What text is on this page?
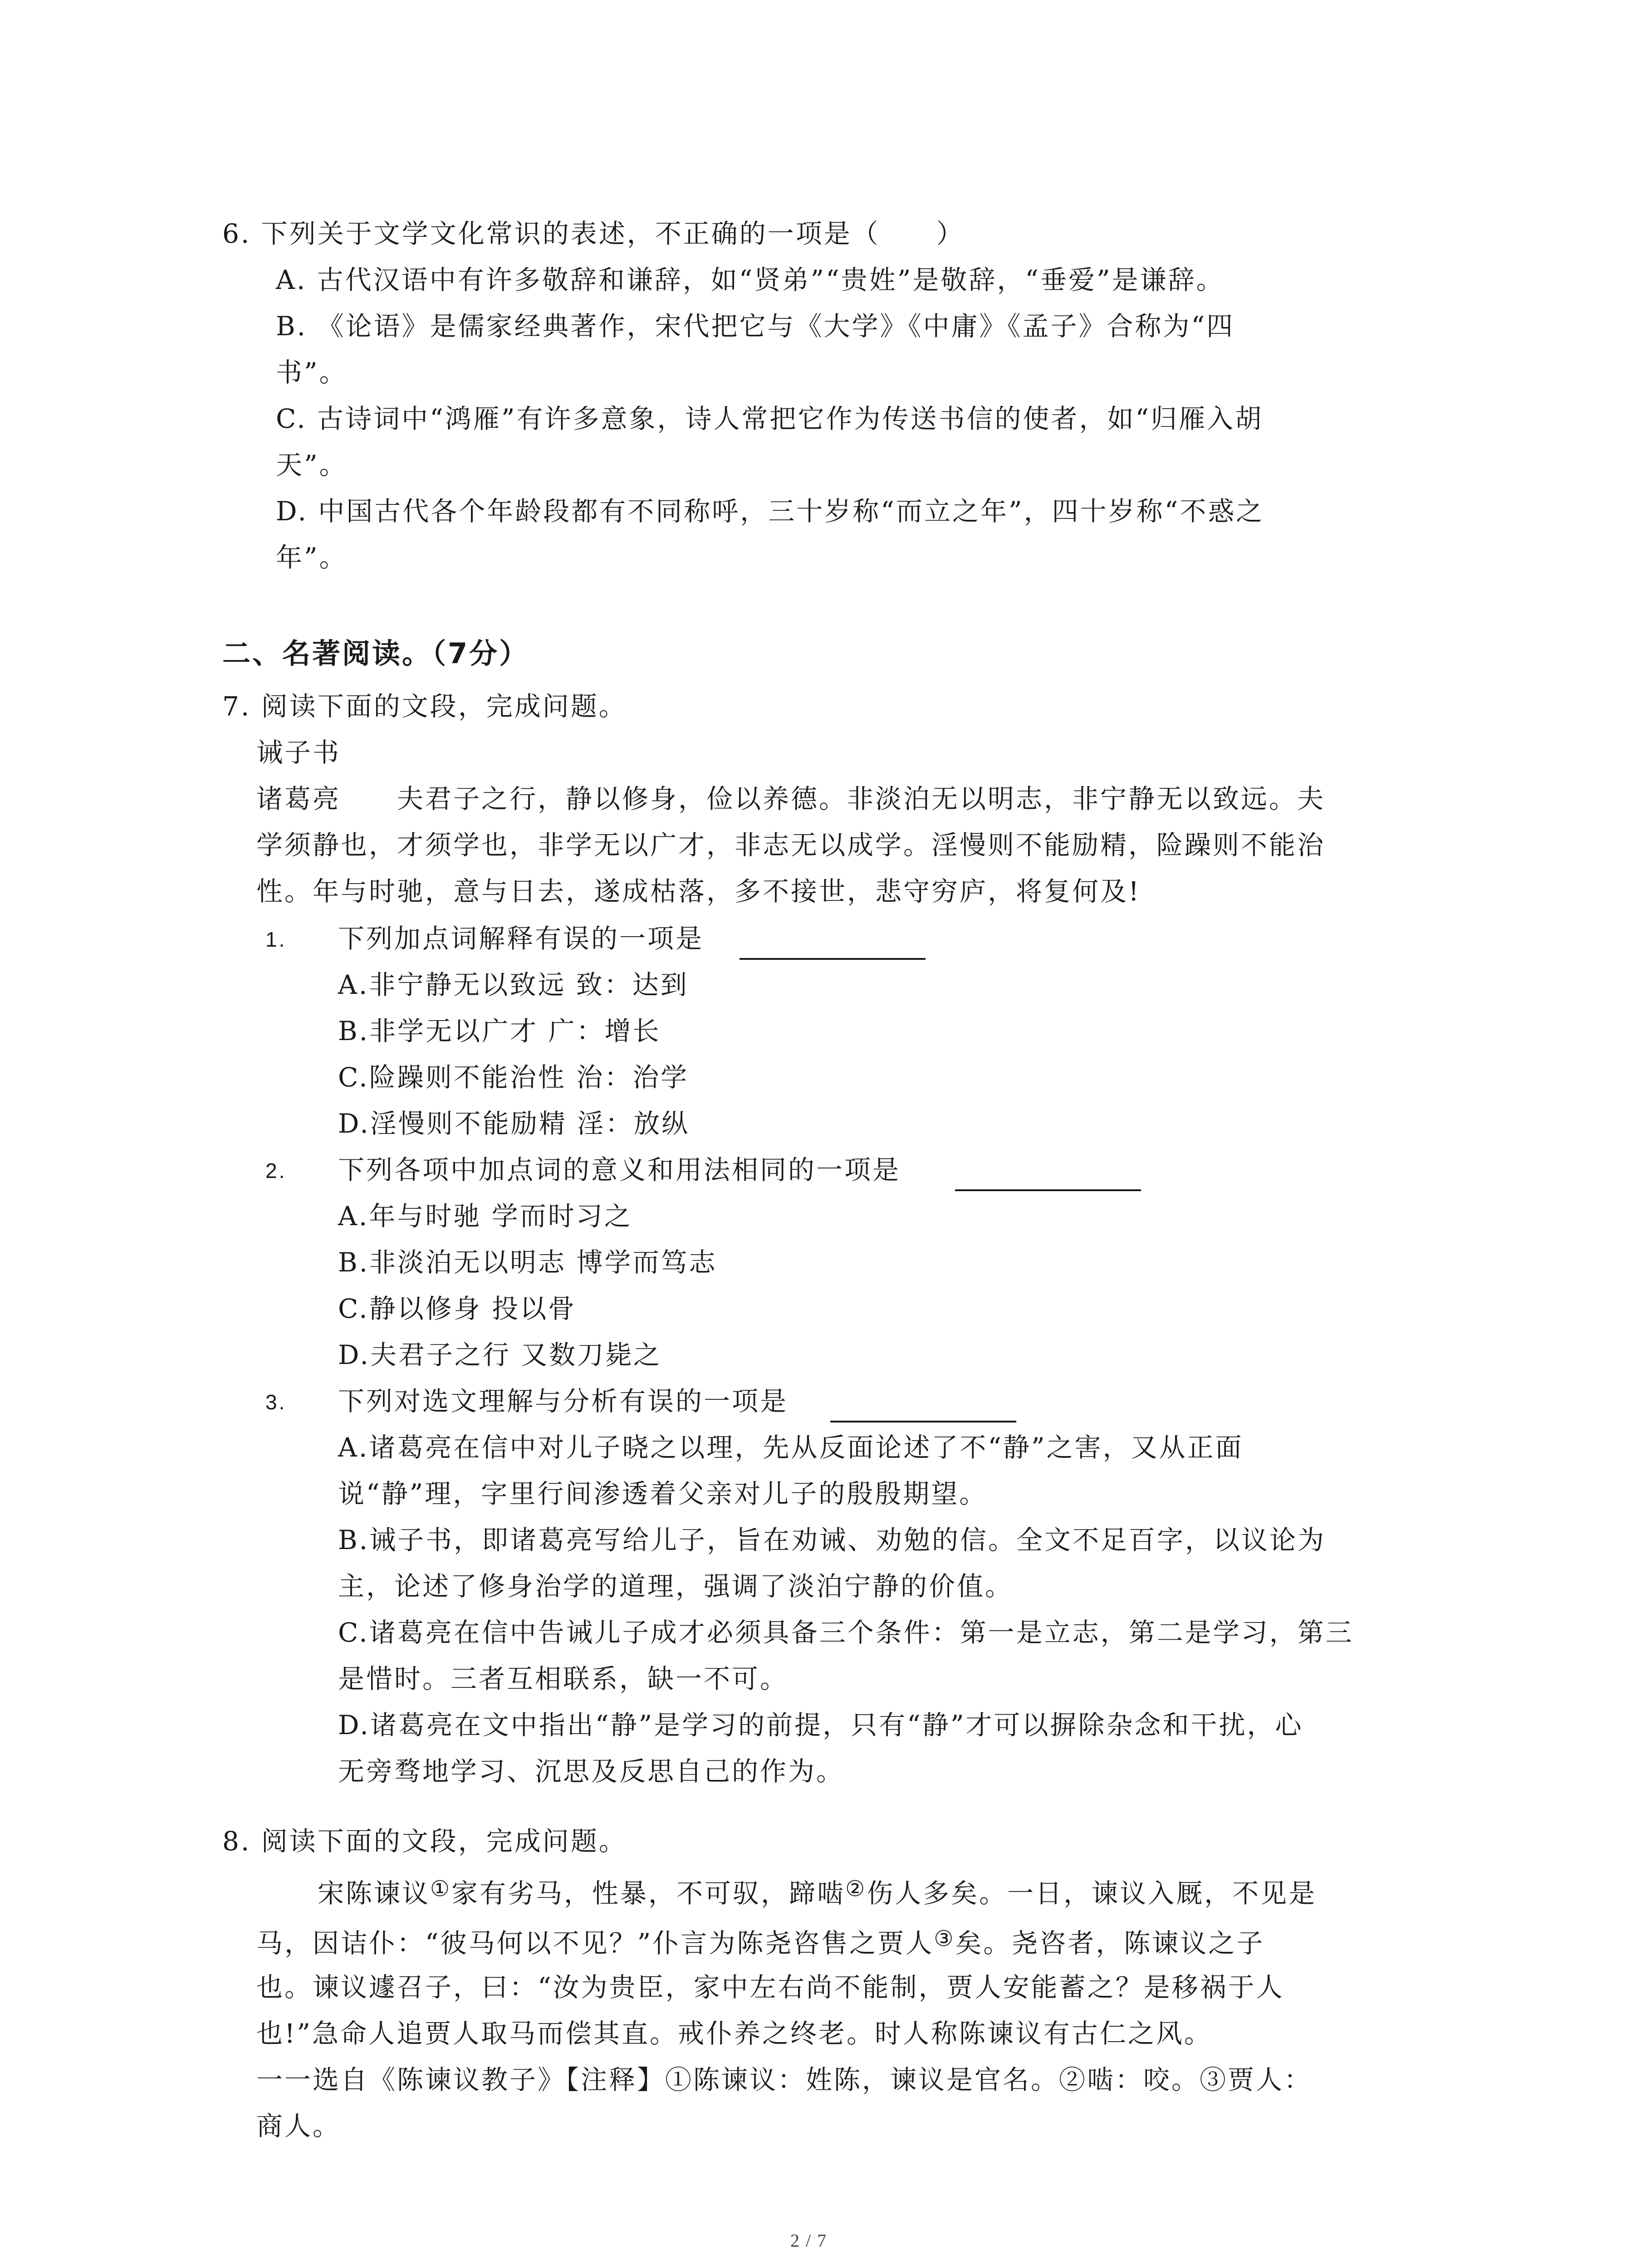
6. 下列关于文学文化常识的表述，不正确的一项是（　　）
A. 古代汉语中有许多敬辞和谦辞，如“贤弟”“贵姓”是敬辞，“垂爱”是谦辞。
B. 《论语》是儒家经典著作，宋代把它与《大学》《中庸》《孟子》合称为“四
书”。
C. 古诗词中“鸿雁”有许多意象，诗人常把它作为传送书信的使者，如“归雁入胡
天”。
D. 中国古代各个年龄段都有不同称呼，三十岁称“而立之年”，四十岁称“不惑之
年”。
二、名著阅读。（7分）
7. 阅读下面的文段，完成问题。
诫子书
诸葛亮　　夫君子之行，静以修身，俭以养德。非淡泊无以明志，非宁静无以致远。夫
学须静也，才须学也，非学无以广才，非志无以成学。淫慢则不能励精，险躁则不能治
性。年与时驰，意与日去，遂成枯落，多不接世，悲守穷庐，将复何及!
1. 下列加点词解释有误的一项是
A.非宁静无以致远 致：达到
B.非学无以广才 广：增长
C.险躁则不能治性 治：治学
D.淫慢则不能励精 淫：放纵
2. 下列各项中加点词的意义和用法相同的一项是
A.年与时驰 学而时习之
B.非淡泊无以明志 博学而笃志
C.静以修身 投以骨
D.夫君子之行 又数刀毙之
3. 下列对选文理解与分析有误的一项是
A.诸葛亮在信中对儿子晓之以理，先从反面论述了不“静”之害，又从正面
说“静”理，字里行间渗透着父亲对儿子的殷殷期望。
B.诫子书，即诸葛亮写给儿子，旨在劝诫、劝勉的信。全文不足百字，以议论为
主，论述了修身治学的道理，强调了淡泊宁静的价值。
C.诸葛亮在信中告诫儿子成才必须具备三个条件：第一是立志，第二是学习，第三
是惜时。三者互相联系，缺一不可。
D.诸葛亮在文中指出“静”是学习的前提，只有“静”才可以摒除杂念和干扰，心
无旁骛地学习、沉思及反思自己的作为。
8. 阅读下面的文段，完成问题。
宋陈谏议①家有劣马，性暴，不可驭，蹄啮②伤人多矣。一日，谏议入厩，不见是
马，因诘仆：“彼马何以不见？”仆言为陈尧咨售之贾人③矣。尧咨者，陈谏议之子
也。谏议遽召子，曰：“汝为贵臣，家中左右尚不能制，贾人安能蓄之？是移祸于人
也!”急命人追贾人取马而偿其直。戒仆养之终老。时人称陈谏议有古仁之风。
一一选自《陈谏议教子》【注释】①陈谏议：姓陈，谏议是官名。②啮：咬。③贾人：
商人。
2 / 7
